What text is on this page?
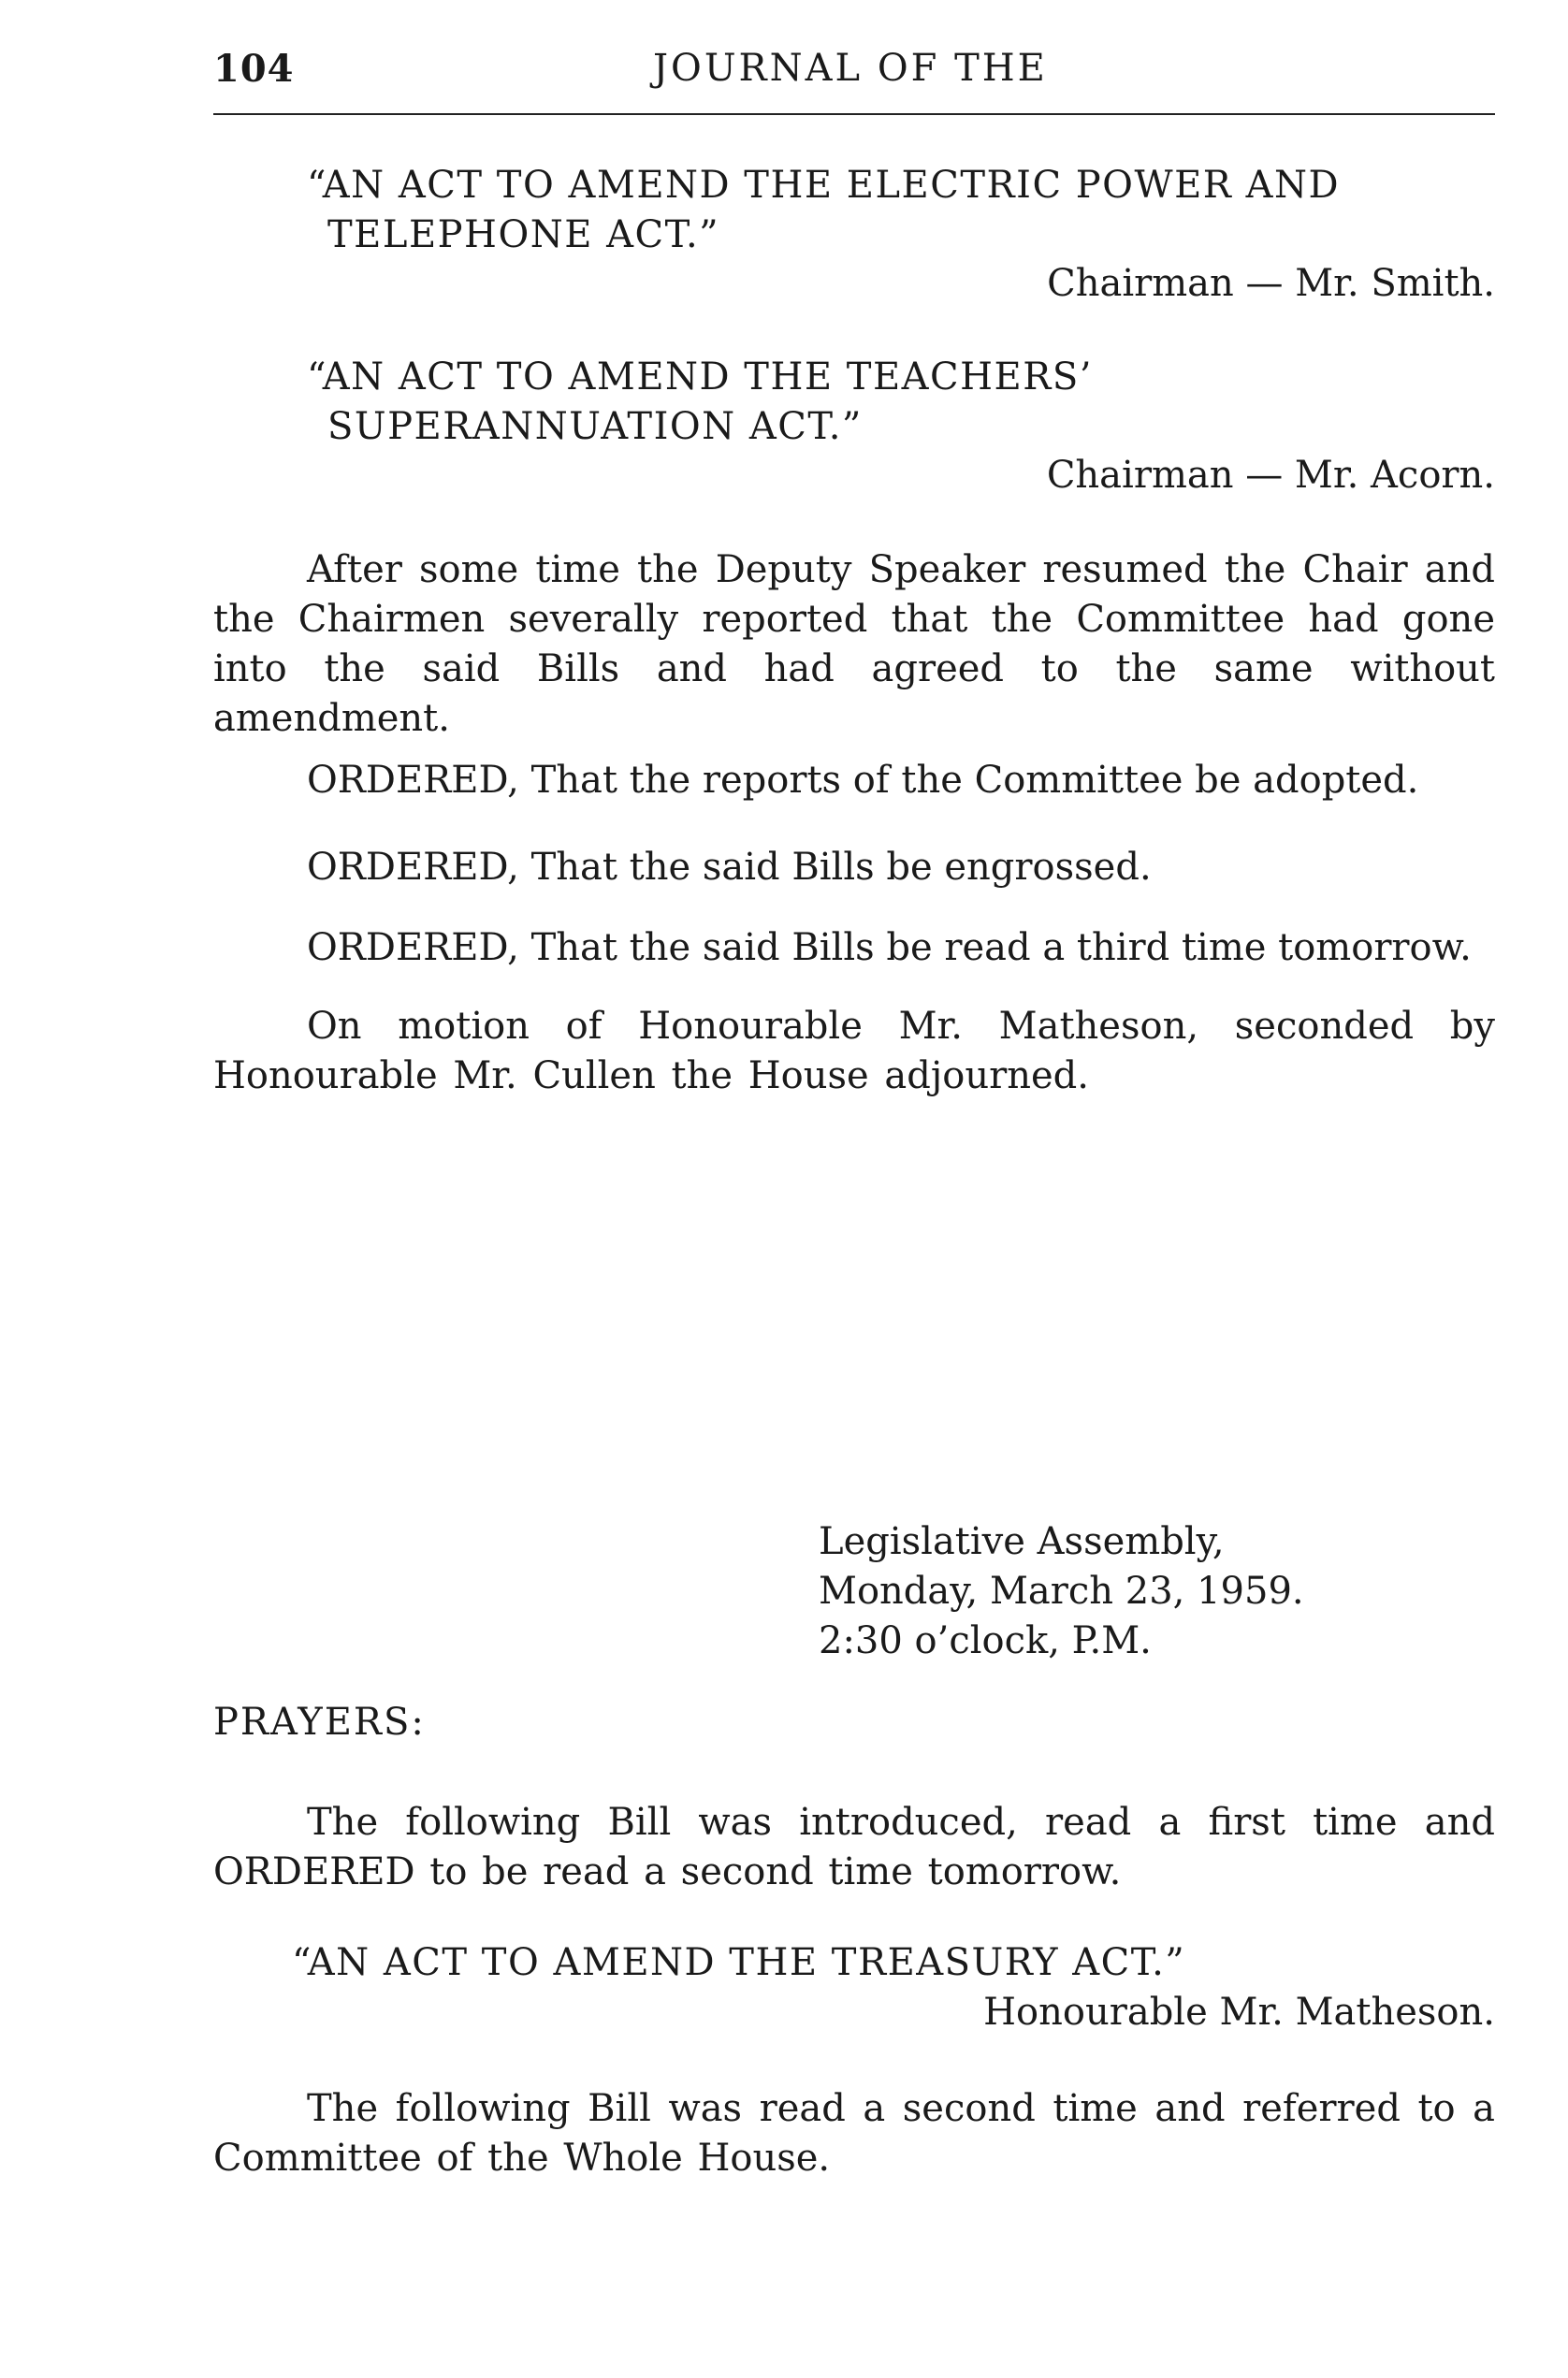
104	JOURNAL OF THE
“AN ACT TO AMEND THE ELECTRIC POWER AND
TELEPHONE ACT.”
Chairman — Mr. Smith.
“AN ACT TO AMEND THE TEACHERS’
SUPERANNUATION ACT.”
Chairman — Mr. Acorn.
After some time the Deputy Speaker resumed the Chair and the Chairmen severally reported that the Committee had gone into the said Bills and had agreed to the same without amendment.
ORDERED, That the reports of the Committee be adopted.
ORDERED, That the said Bills be engrossed.
ORDERED, That the said Bills be read a third time tomorrow.
On motion of Honourable Mr. Matheson, seconded by Honourable Mr. Cullen the House adjourned.
Legislative Assembly,
Monday, March 23, 1959.
2:30 o’clock, P.M.
PRAYERS:
The following Bill was introduced, read a first time and ORDERED to be read a second time tomorrow.
“AN ACT TO AMEND THE TREASURY ACT.”
Honourable Mr. Matheson.
The following Bill was read a second time and referred to a Committee of the Whole House.
